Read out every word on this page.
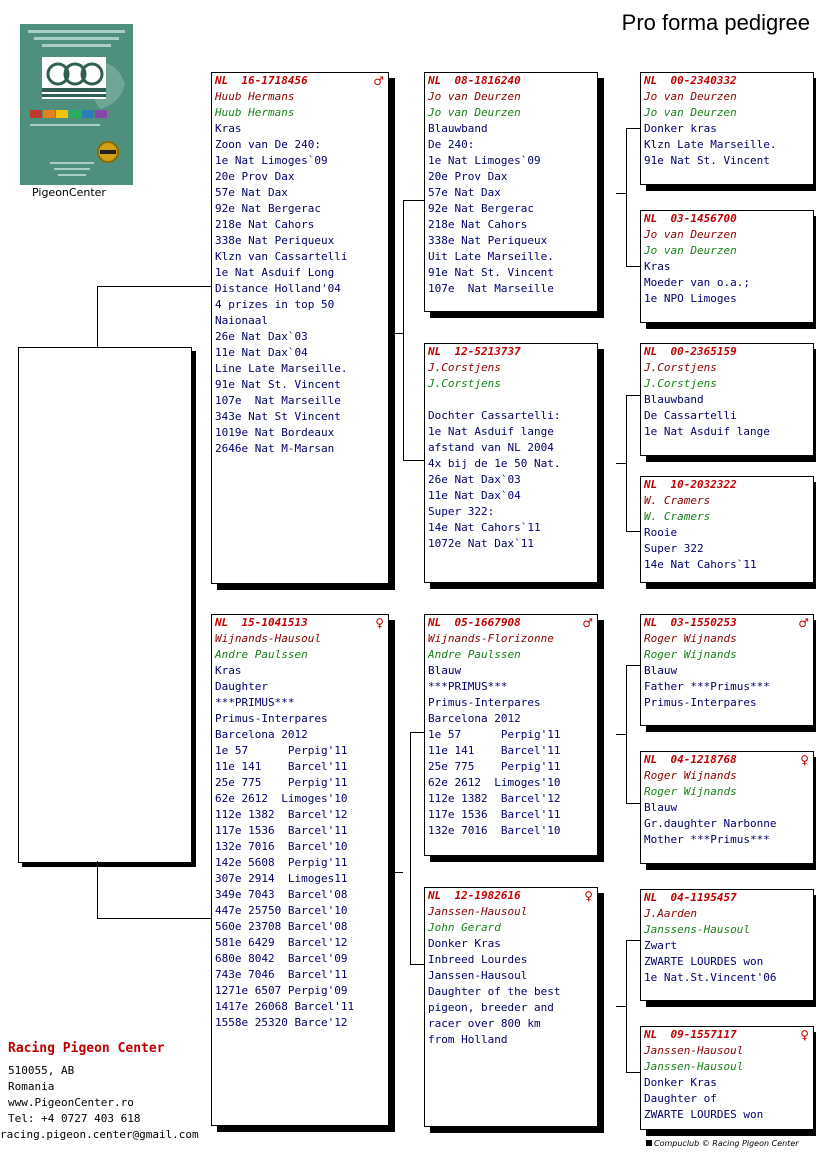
Pro forma pedigree
PigeonCenter
NL  16-1718456	♂
Huub Hermans
Huub Hermans
Kras
Zoon van De 240:
1e Nat Limoges`09
20e Prov Dax
57e Nat Dax
92e Nat Bergerac
218e Nat Cahors
338e Nat Periqueux
Klzn van Cassartelli
1e Nat Asduif Long
Distance Holland'04
4 prizes in top 50
Naionaal
26e Nat Dax`03
11e Nat Dax`04
Line Late Marseille.
91e Nat St. Vincent
107e  Nat Marseille
343e Nat St Vincent
1019e Nat Bordeaux
2646e Nat M-Marsan
NL  15-1041513	♀
Wijnands-Hausoul
Andre Paulssen
Kras
Daughter
***PRIMUS***
Primus-Interpares
Barcelona 2012
1e 57      Perpig'11
11e 141    Barcel'11
25e 775    Perpig'11
62e 2612  Limoges'10
112e 1382  Barcel'12
117e 1536  Barcel'11
132e 7016  Barcel'10
142e 5608  Perpig'11
307e 2914  Limoges11
349e 7043  Barcel'08
447e 25750 Barcel'10
560e 23708 Barcel'08
581e 6429  Barcel'12
680e 8042  Barcel'09
743e 7046  Barcel'11
1271e 6507 Perpig'09
1417e 26068 Barcel'11
1558e 25320 Barce'12
NL  08-1816240
Jo van Deurzen
Jo van Deurzen
Blauwband
De 240:
1e Nat Limoges`09
20e Prov Dax
57e Nat Dax
92e Nat Bergerac
218e Nat Cahors
338e Nat Periqueux
Uit Late Marseille.
91e Nat St. Vincent
107e  Nat Marseille
NL  12-5213737
J.Corstjens
J.Corstjens
Dochter Cassartelli:
1e Nat Asduif lange
afstand van NL 2004
4x bij de 1e 50 Nat.
26e Nat Dax`03
11e Nat Dax`04
Super 322:
14e Nat Cahors`11
1072e Nat Dax`11
NL  05-1667908	♂
Wijnands-Florizonne
Andre Paulssen
Blauw
***PRIMUS***
Primus-Interpares
Barcelona 2012
1e 57      Perpig'11
11e 141    Barcel'11
25e 775    Perpig'11
62e 2612  Limoges'10
112e 1382  Barcel'12
117e 1536  Barcel'11
132e 7016  Barcel'10
NL  12-1982616	♀
Janssen-Hausoul
John Gerard
Donker Kras
Inbreed Lourdes
Janssen-Hausoul
Daughter of the best
pigeon, breeder and
racer over 800 km
from Holland
NL  00-2340332
Jo van Deurzen
Jo van Deurzen
Donker kras
Klzn Late Marseille.
91e Nat St. Vincent
NL  03-1456700
Jo van Deurzen
Jo van Deurzen
Kras
Moeder van o.a.;
1e NPO Limoges
NL  00-2365159
J.Corstjens
J.Corstjens
Blauwband
De Cassartelli
1e Nat Asduif lange
NL  10-2032322
W. Cramers
W. Cramers
Rooie
Super 322
14e Nat Cahors`11
NL  03-1550253	♂
Roger Wijnands
Roger Wijnands
Blauw
Father ***Primus***
Primus-Interpares
NL  04-1218768	♀
Roger Wijnands
Roger Wijnands
Blauw
Gr.daughter Narbonne
Mother ***Primus***
NL  04-1195457
J.Aarden
Janssens-Hausoul
Zwart
ZWARTE LOURDES won
1e Nat.St.Vincent'06
NL  09-1557117	♀
Janssen-Hausoul
Janssen-Hausoul
Donker Kras
Daughter of
ZWARTE LOURDES won
Racing Pigeon Center
510055, AB
Romania
www.PigeonCenter.ro
Tel: +4 0727 403 618
racing.pigeon.center@gmail.com
Compuclub © Racing Pigeon Center
